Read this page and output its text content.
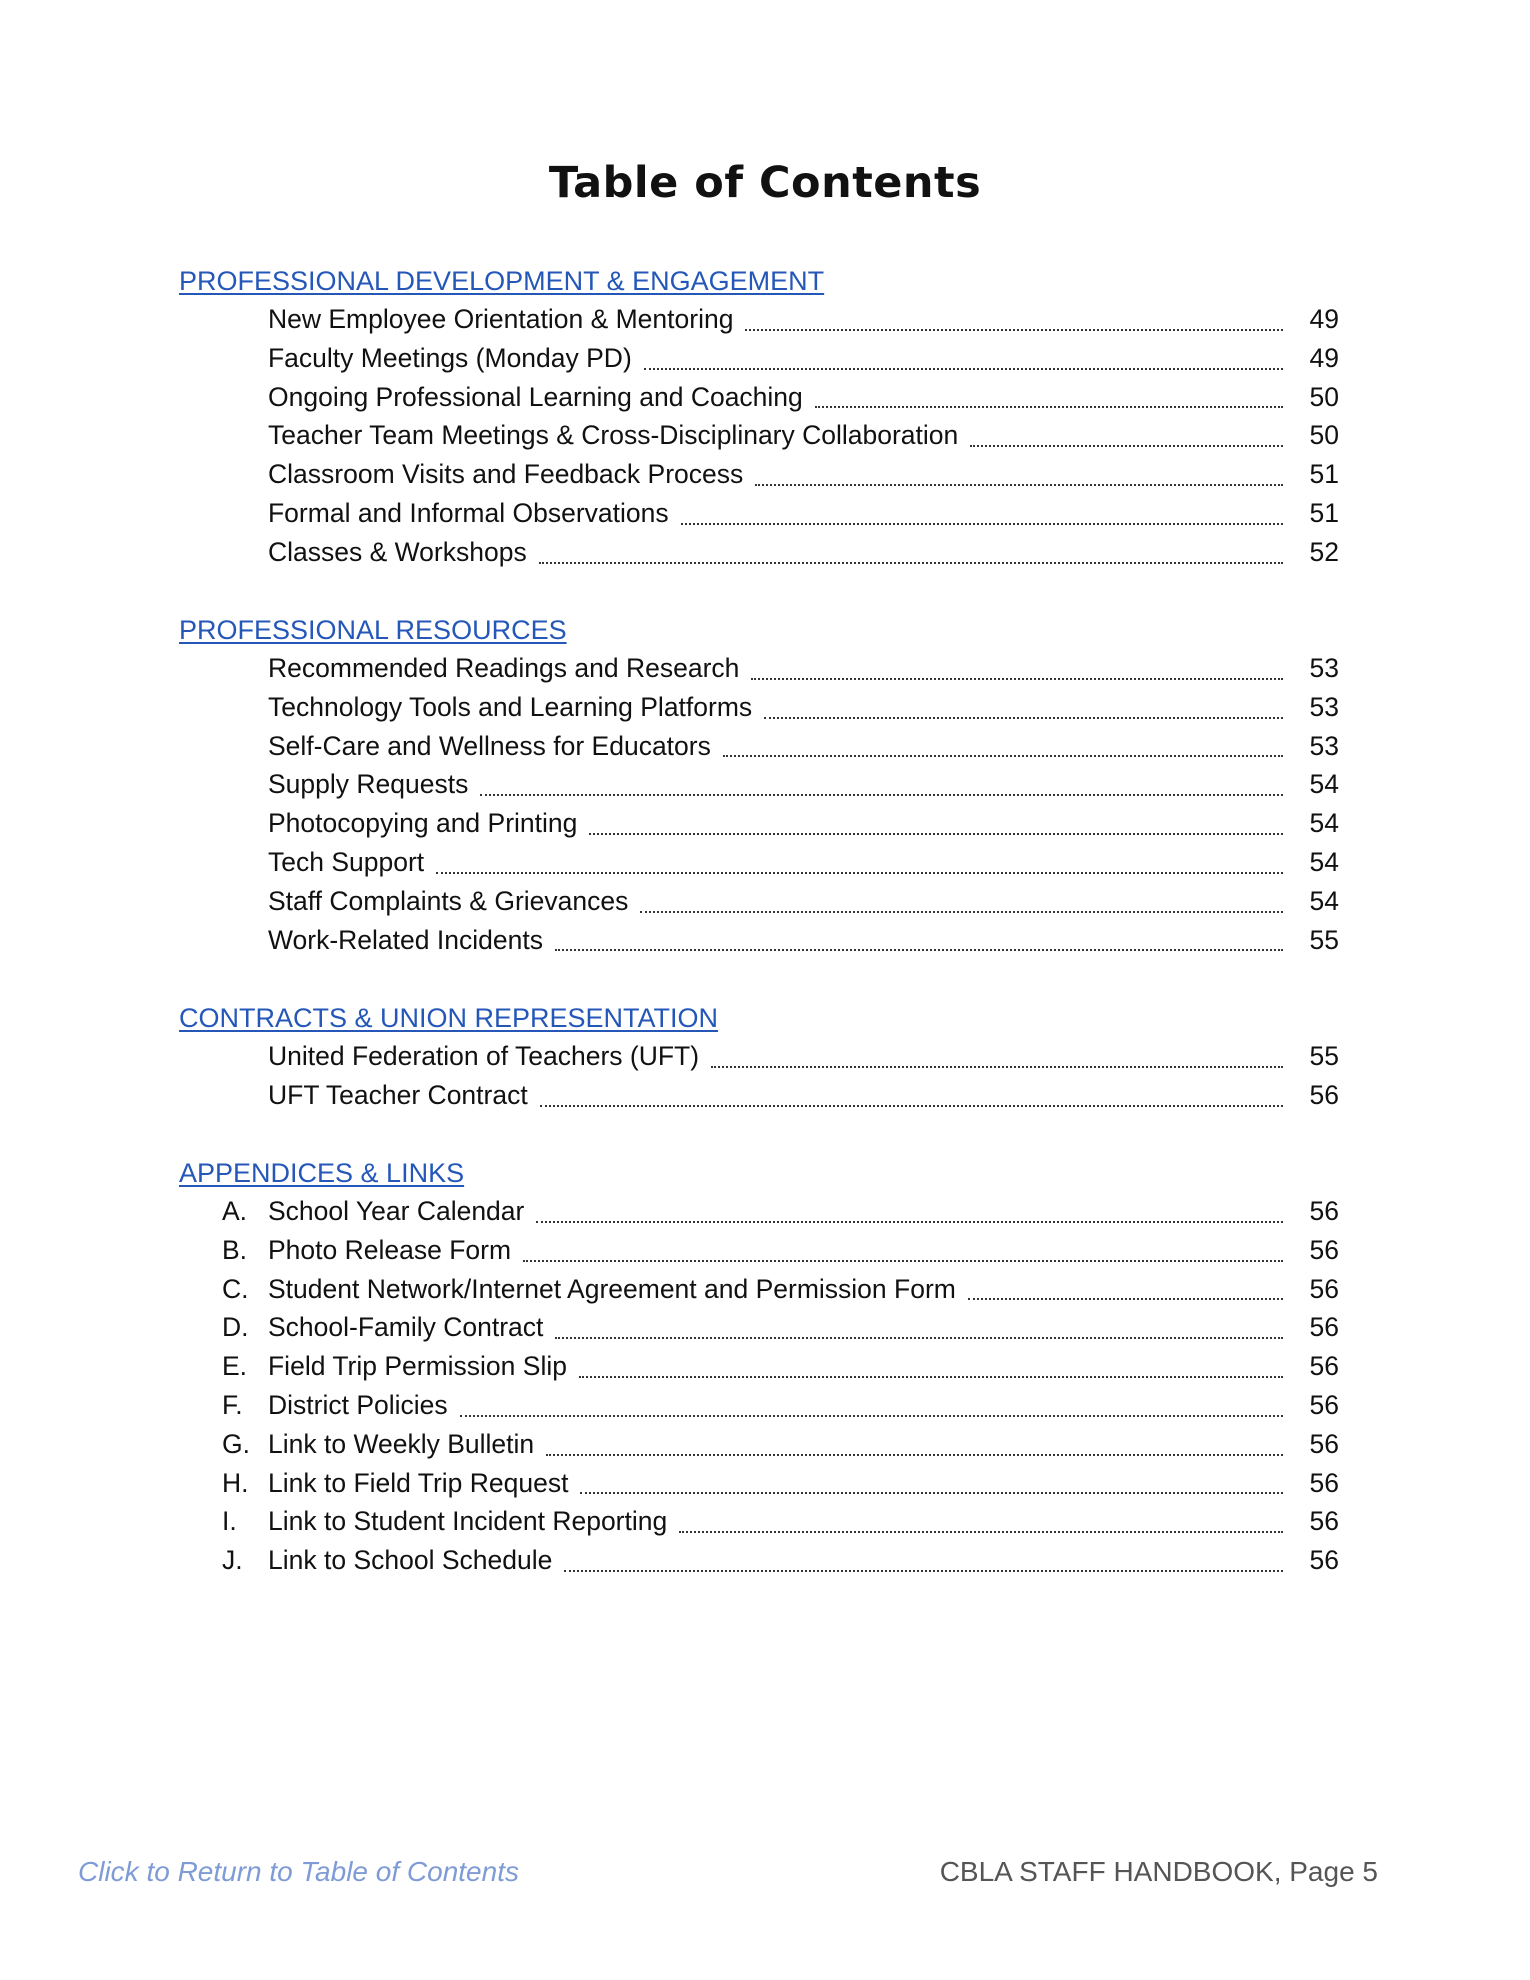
Table of Contents
PROFESSIONAL DEVELOPMENT & ENGAGEMENT
New Employee Orientation & Mentoring	49
Faculty Meetings (Monday PD)	49
Ongoing Professional Learning and Coaching	50
Teacher Team Meetings & Cross-Disciplinary Collaboration	50
Classroom Visits and Feedback Process	51
Formal and Informal Observations	51
Classes & Workshops	52
PROFESSIONAL RESOURCES
Recommended Readings and Research	53
Technology Tools and Learning Platforms	53
Self-Care and Wellness for Educators	53
Supply Requests	54
Photocopying and Printing	54
Tech Support	54
Staff Complaints & Grievances	54
Work-Related Incidents	55
CONTRACTS & UNION REPRESENTATION
United Federation of Teachers (UFT)	55
UFT Teacher Contract	56
APPENDICES & LINKS
A. School Year Calendar	56
B. Photo Release Form	56
C. Student Network/Internet Agreement and Permission Form	56
D. School-Family Contract	56
E. Field Trip Permission Slip	56
F. District Policies	56
G. Link to Weekly Bulletin	56
H. Link to Field Trip Request	56
I.	Link to Student Incident Reporting	56
J. Link to School Schedule	56
Click to Return to Table of Contents	CBLA STAFF HANDBOOK, Page 5
